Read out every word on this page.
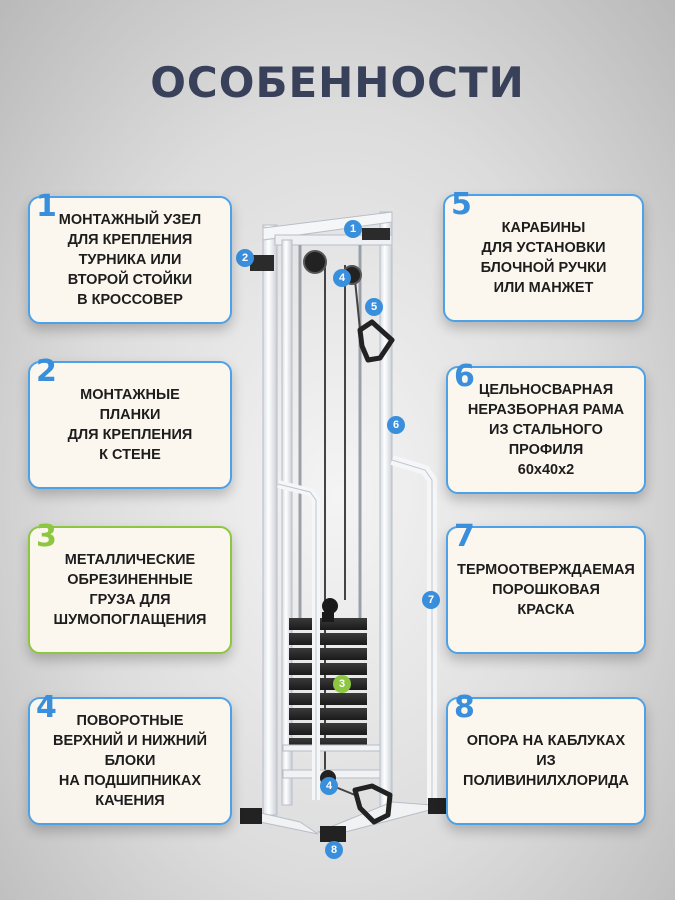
ОСОБЕННОСТИ
1
2
4
5
6
7
3
4
8
1 МОНТАЖНЫЙ УЗЕЛ
ДЛЯ КРЕПЛЕНИЯ
ТУРНИКА ИЛИ
ВТОРОЙ СТОЙКИ
В КРОССОВЕР
2
МОНТАЖНЫЕ
ПЛАНКИ
ДЛЯ КРЕПЛЕНИЯ
К СТЕНЕ
3
МЕТАЛЛИЧЕСКИЕ
ОБРЕЗИНЕННЫЕ
ГРУЗА ДЛЯ
ШУМОПОГЛАЩЕНИЯ
4	ПОВОРОТНЫЕ
ВЕРХНИЙ И НИЖНИЙ
БЛОКИ
НА ПОДШИПНИКАХ
КАЧЕНИЯ
5
КАРАБИНЫ
ДЛЯ УСТАНОВКИ
БЛОЧНОЙ РУЧКИ
ИЛИ МАНЖЕТ
6 ЦЕЛЬНОСВАРНАЯ
НЕРАЗБОРНАЯ РАМА
ИЗ СТАЛЬНОГО
ПРОФИЛЯ
60х40х2
7
ТЕРМООТВЕРЖДАЕМАЯ
ПОРОШКОВАЯ
КРАСКА
8
ОПОРА НА КАБЛУКАХ
ИЗ
ПОЛИВИНИЛХЛОРИДА
